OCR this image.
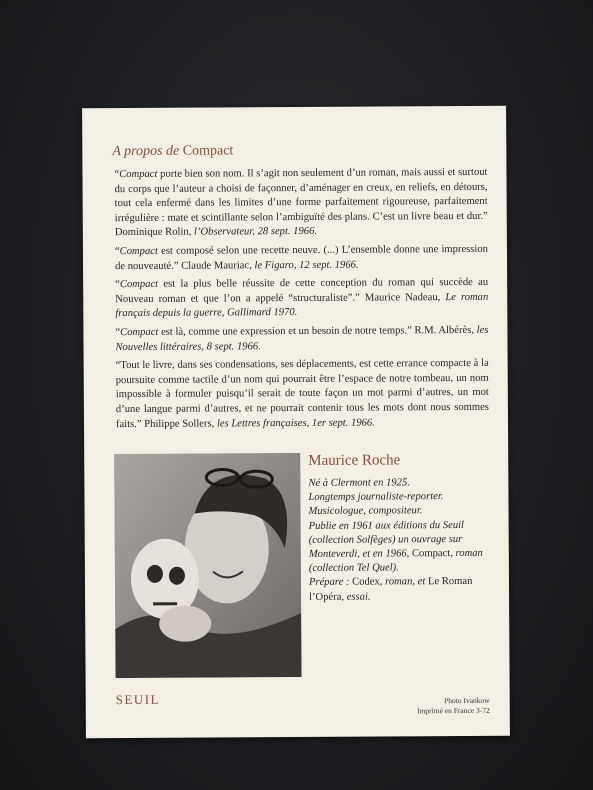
A propos de Compact

“Compact porte bien son nom. Il s’agit non seulement d’un roman, mais aussi et surtout du corps que l’auteur a choisi de façonner, d’aménager en creux, en reliefs, en détours, tout cela enfermé dans les limites d’une forme parfaitement rigoureuse, parfaitement irrégulière : mate et scintillante selon l’ambiguïté des plans. C’est un livre beau et dur.” Dominique Rolin, l’Observateur, 28 sept. 1966.

“Compact est composé selon une recette neuve. (...) L’ensemble donne une impression de nouveauté.” Claude Mauriac, le Figaro, 12 sept. 1966.

“Compact est la plus belle réussite de cette conception du roman qui succède au Nouveau roman et que l’on a appelé “structuraliste”.” Maurice Nadeau, Le roman français depuis la guerre, Gallimard 1970.

“Compact est là, comme une expression et un besoin de notre temps.” R.M. Albérès, les Nouvelles littéraires, 8 sept. 1966.

“Tout le livre, dans ses condensations, ses déplacements, est cette errance compacte à la poursuite comme tactile d’un nom qui pourrait être l’espace de notre tombeau, un nom impossible à formuler puisqu’il serait de toute façon un mot parmi d’autres, un mot d’une langue parmi d’autres, et ne pourrait contenir tous les mots dont nous sommes faits.” Philippe Sollers, les Lettres françaises, 1er sept. 1966.

Maurice Roche

Né à Clermont en 1925.

Longtemps journaliste-reporter.

Musicologue, compositeur.

Publie en 1961 aux éditions du Seuil (collection Solfèges) un ouvrage sur Monteverdi, et en 1966, Compact, roman (collection Tel Quel).

Prépare : Codex, roman, et Le Roman l’Opéra, essai.

SEUIL	Photo Ivankow
Imprimé en France 3-72
